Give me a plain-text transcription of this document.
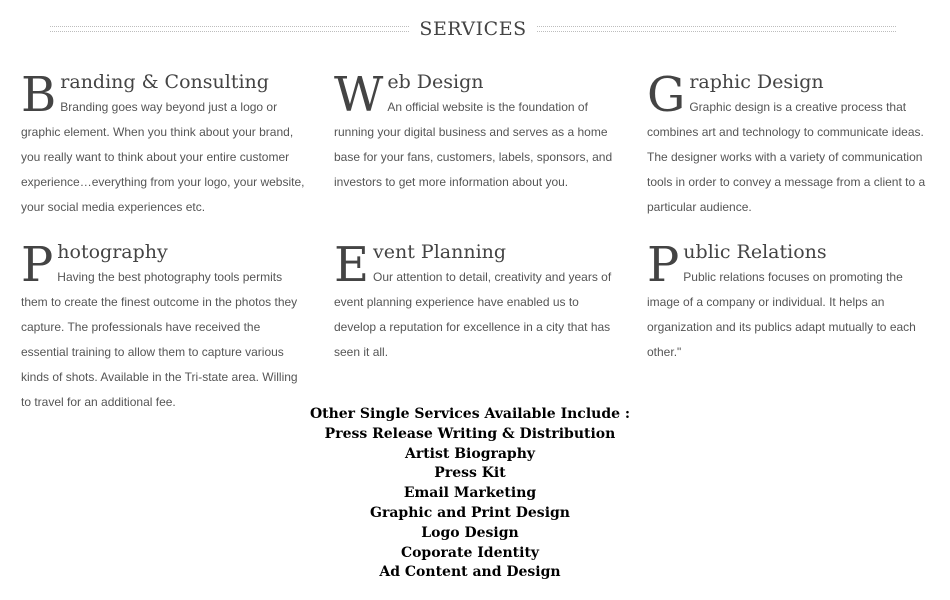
SERVICES
B randing & Consulting
Branding goes way beyond just a logo or graphic element. When you think about your brand, you really want to think about your entire customer experience…everything from your logo, your website, your social media experiences etc.
W eb Design
An official website is the foundation of running your digital business and serves as a home base for your fans, customers, labels, sponsors, and investors to get more information about you.
G raphic Design
Graphic design is a creative process that combines art and technology to communicate ideas. The designer works with a variety of communication tools in order to convey a message from a client to a particular audience.
P hotography
Having the best photography tools permits them to create the finest outcome in the photos they capture. The professionals have received the essential training to allow them to capture various kinds of shots. Available in the Tri-state area. Willing to travel for an additional fee.
E vent Planning
Our attention to detail, creativity and years of event planning experience have enabled us to develop a reputation for excellence in a city that has seen it all.
P ublic Relations
Public relations focuses on promoting the image of a company or individual. It helps an organization and its publics adapt mutually to each other."
Other Single Services Available Include :
Press Release Writing & Distribution
Artist Biography
Press Kit
Email Marketing
Graphic and Print Design
Logo Design
Coporate Identity
Ad Content and Design
